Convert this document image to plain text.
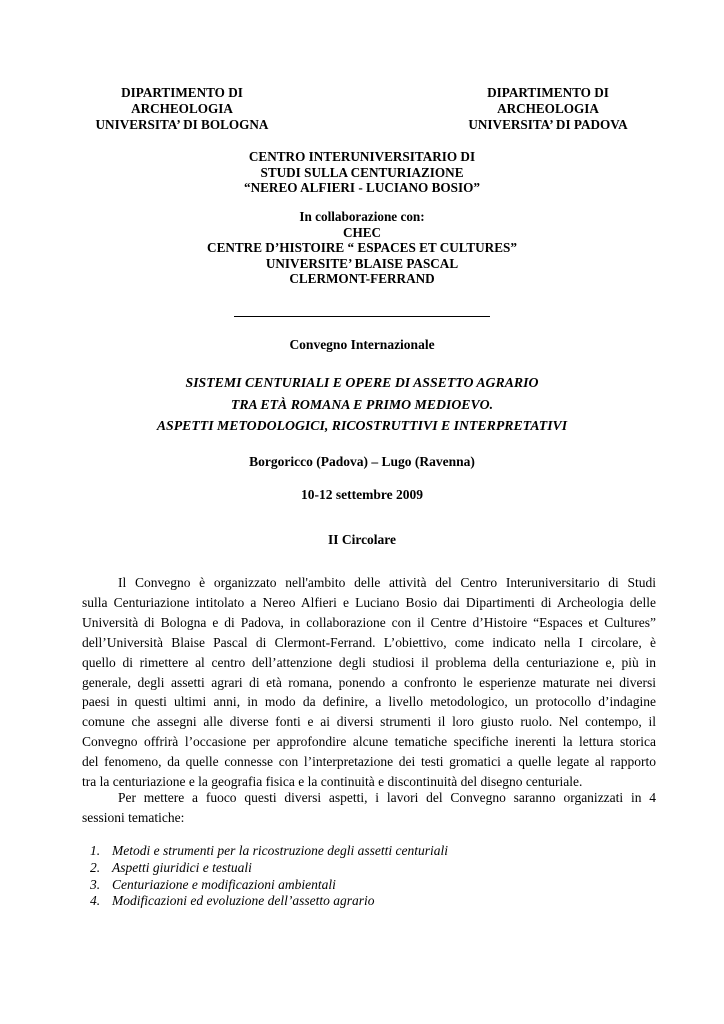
DIPARTIMENTO DI
ARCHEOLOGIA
UNIVERSITA’ DI BOLOGNA
DIPARTIMENTO DI
ARCHEOLOGIA
UNIVERSITA’ DI PADOVA
CENTRO INTERUNIVERSITARIO DI
STUDI SULLA CENTURIAZIONE
“NEREO ALFIERI - LUCIANO BOSIO”
In collaborazione con:
CHEC
CENTRE D’HISTOIRE “ ESPACES ET CULTURES”
UNIVERSITE’ BLAISE PASCAL
CLERMONT-FERRAND
Convegno Internazionale
SISTEMI CENTURIALI E OPERE DI ASSETTO AGRARIO
TRA ETÀ ROMANA E PRIMO MEDIOEVO.
ASPETTI METODOLOGICI, RICOSTRUTTIVI E INTERPRETATIVI
Borgoricco (Padova) – Lugo (Ravenna)
10-12 settembre 2009
II Circolare
Il Convegno è organizzato nell'ambito delle attività del Centro Interuniversitario di Studi
sulla Centuriazione intitolato a Nereo Alfieri e Luciano Bosio dai Dipartimenti di Archeologia delle
Università di Bologna e di Padova, in collaborazione con il Centre d’Histoire “Espaces et Cultures”
dell’Università Blaise Pascal di Clermont-Ferrand. L’obiettivo, come indicato nella I circolare, è
quello di rimettere al centro dell’attenzione degli studiosi il problema della centuriazione e, più in
generale, degli assetti agrari di età romana, ponendo a confronto le esperienze maturate nei diversi
paesi in questi ultimi anni, in modo da definire, a livello metodologico, un protocollo d’indagine
comune che assegni alle diverse fonti e ai diversi strumenti il loro giusto ruolo. Nel contempo, il
Convegno offrirà l’occasione per approfondire alcune tematiche specifiche inerenti la lettura storica
del fenomeno, da quelle connesse con l’interpretazione dei testi gromatici a quelle legate al rapporto
tra la centuriazione e la geografia fisica e la continuità e discontinuità del disegno centuriale.
Per mettere a fuoco questi diversi aspetti, i lavori del Convegno saranno organizzati in 4
sessioni tematiche:
1. Metodi e strumenti per la ricostruzione degli assetti centuriali
2. Aspetti giuridici e testuali
3. Centuriazione e modificazioni ambientali
4. Modificazioni ed evoluzione dell’assetto agrario
